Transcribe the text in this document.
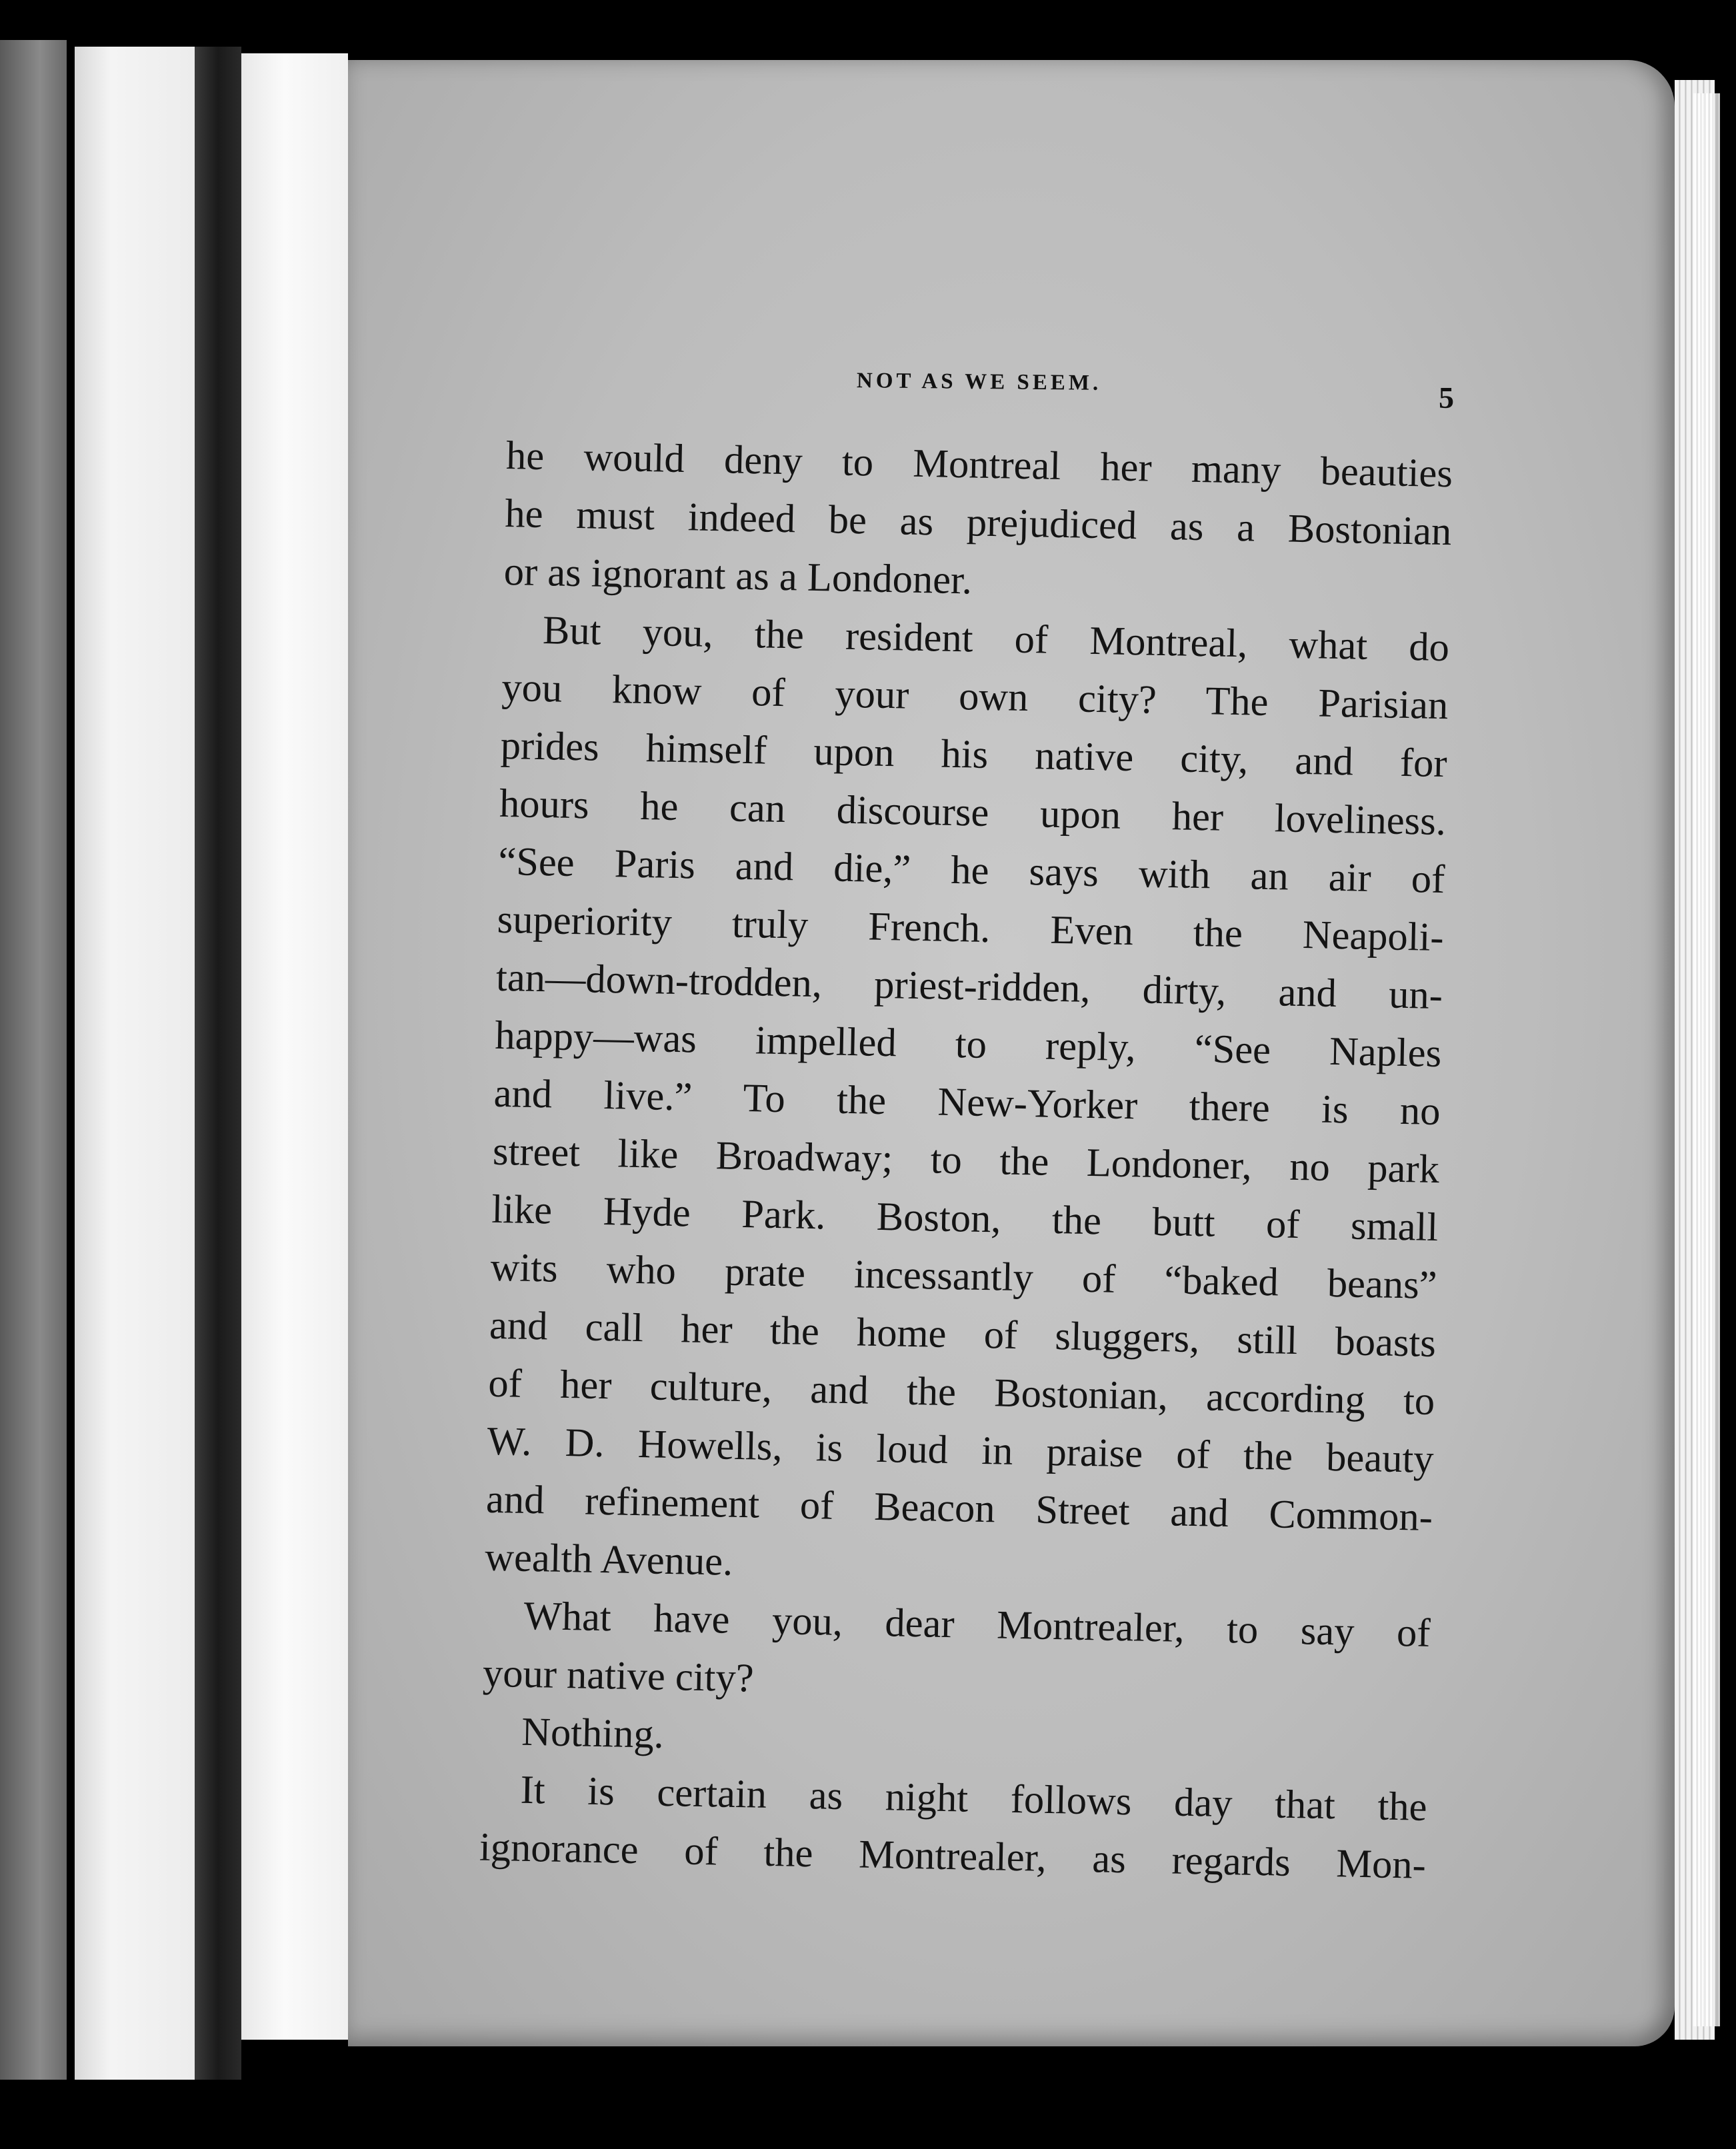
NOT AS WE SEEM.	5
he would deny to Montreal her many beauties
he must indeed be as prejudiced as a Bostonian
or as ignorant as a Londoner.
But you, the resident of Montreal, what do
you know of your own city? The Parisian
prides himself upon his native city, and for
hours he can discourse upon her loveliness.
“See Paris and die,” he says with an air of
superiority truly French. Even the Neapoli-
tan—down-trodden, priest-ridden, dirty, and un-
happy—was impelled to reply, “See Naples
and live.” To the New-Yorker there is no
street like Broadway; to the Londoner, no park
like Hyde Park. Boston, the butt of small
wits who prate incessantly of “baked beans”
and call her the home of sluggers, still boasts
of her culture, and the Bostonian, according to
W. D. Howells, is loud in praise of the beauty
and refinement of Beacon Street and Common-
wealth Avenue.
What have you, dear Montrealer, to say of
your native city?
Nothing.
It is certain as night follows day that the
ignorance of the Montrealer, as regards Mon-
